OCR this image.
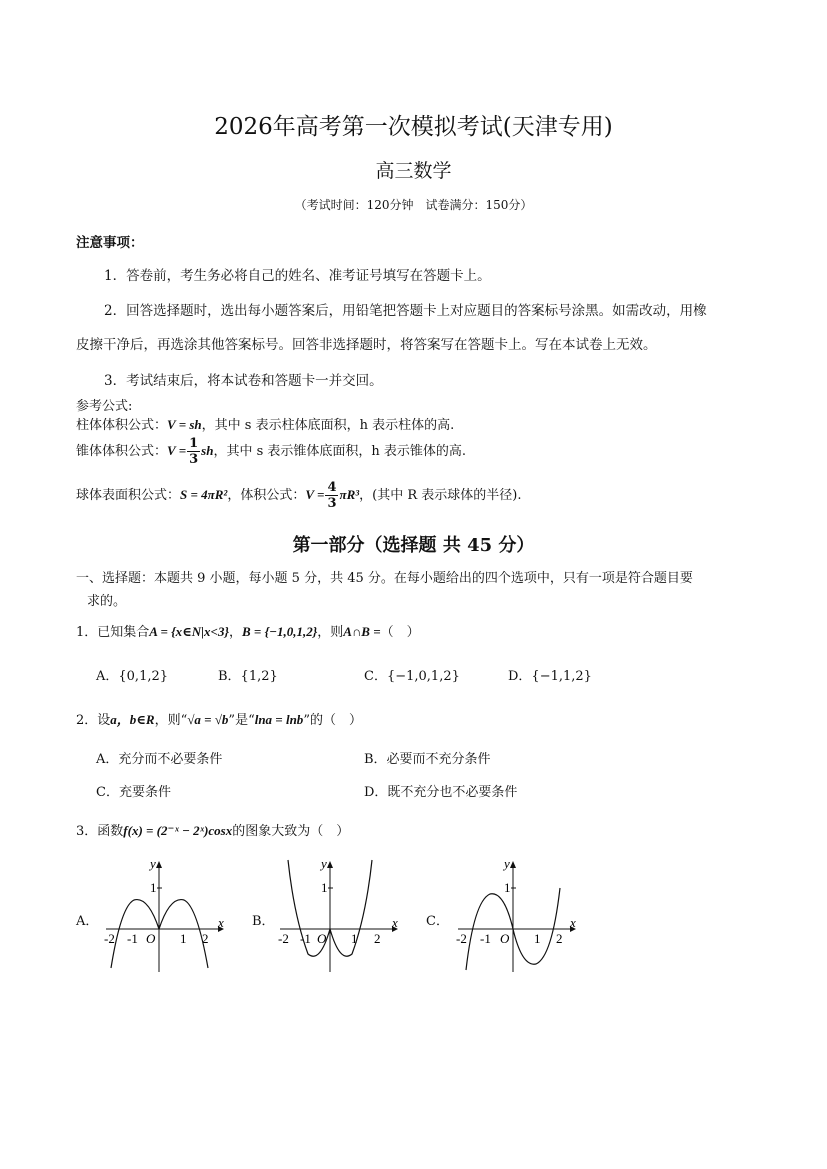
2026年高考第一次模拟考试(天津专用)
高三数学
（考试时间：120分钟　试卷满分：150分）
注意事项：
1．答卷前，考生务必将自己的姓名、准考证号填写在答题卡上。
2．回答选择题时，选出每小题答案后，用铅笔把答题卡上对应题目的答案标号涂黑。如需改动，用橡
皮擦干净后，再选涂其他答案标号。回答非选择题时，将答案写在答题卡上。写在本试卷上无效。
3．考试结束后，将本试卷和答题卡一并交回。
参考公式:
柱体体积公式：V = sh，其中 s 表示柱体底面积，h 表示柱体的高.
锥体体积公式：$V = \frac{1}{3}$ sh，其中 s 表示锥体底面积，h 表示锥体的高.
球体表面积公式：S = 4πR²，体积公式：$V = \frac{4}{3} \pi R^3$，(其中 R 表示球体的半径).
第一部分（选择题 共 45 分）
一、选择题：本题共 9 小题，每小题 5 分，共 45 分。在每小题给出的四个选项中，只有一项是符合题目要
求的。
1．已知集合A = {x∈N|x<3}，B = {−1,0,1,2}，则A∩B =（　）
A．{0,1,2}	B．{1,2}	C．{−1,0,1,2}	D．{−1,1,2}
2．设a，b∈R，则“√a = √b”是“lna = lnb”的（　）
A．充分而不必要条件	B．必要而不充分条件
C．充要条件	D．既不充分也不必要条件
3．函数f(x) = (2⁻ˣ − 2ˣ)cosx的图象大致为（　）
A．
y
x
1
O
-2 -1	1 2
B．
y
x
1
O
-2 -1	1 2
C．
y
x
1
O
-2 -1	1 2
